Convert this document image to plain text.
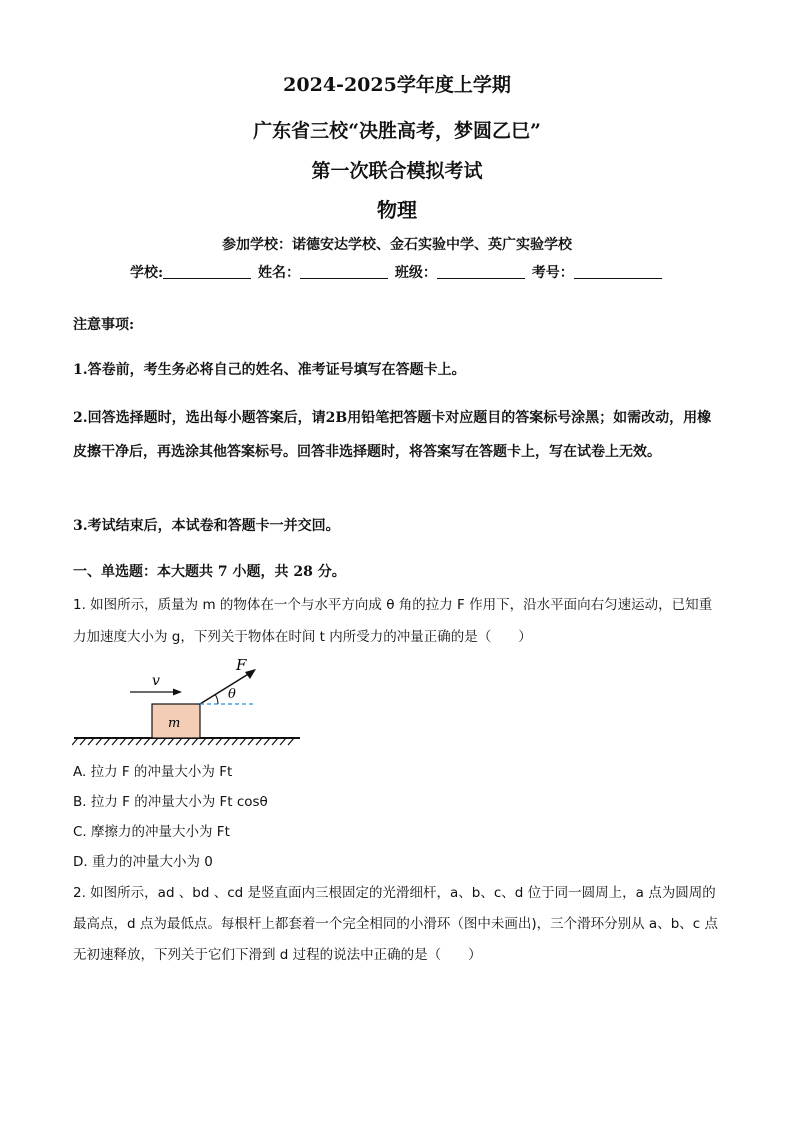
2024-2025学年度上学期
广东省三校“决胜高考，梦圆乙巳”
第一次联合模拟考试
物理
参加学校：诺德安达学校、金石实验中学、英广实验学校
学校:	姓名：	班级：	考号：
注意事项:
1.答卷前，考生务必将自己的姓名、准考证号填写在答题卡上。
2.回答选择题时，选出每小题答案后，请2B用铅笔把答题卡对应题目的答案标号涂黑；如需改动，用橡皮擦干净后，再选涂其他答案标号。回答非选择题时，将答案写在答题卡上，写在试卷上无效。
3.考试结束后，本试卷和答题卡一并交回。
一、单选题：本大题共 7 小题，共 28 分。
1. 如图所示，质量为 m 的物体在一个与水平方向成 θ 角的拉力 F 作用下，沿水平面向右匀速运动，已知重力加速度大小为 g，下列关于物体在时间 t 内所受力的冲量正确的是（　　）
m
v
F
θ
A. 拉力 F 的冲量大小为 Ft
B. 拉力 F 的冲量大小为 Ft cosθ
C. 摩擦力的冲量大小为 Ft
D. 重力的冲量大小为 0
2. 如图所示，ad 、bd 、cd 是竖直面内三根固定的光滑细杆，a、b、c、d 位于同一圆周上，a 点为圆周的最高点，d 点为最低点。每根杆上都套着一个完全相同的小滑环（图中未画出)，三个滑环分别从 a、b、c 点无初速释放，下列关于它们下滑到 d 过程的说法中正确的是（　　）
